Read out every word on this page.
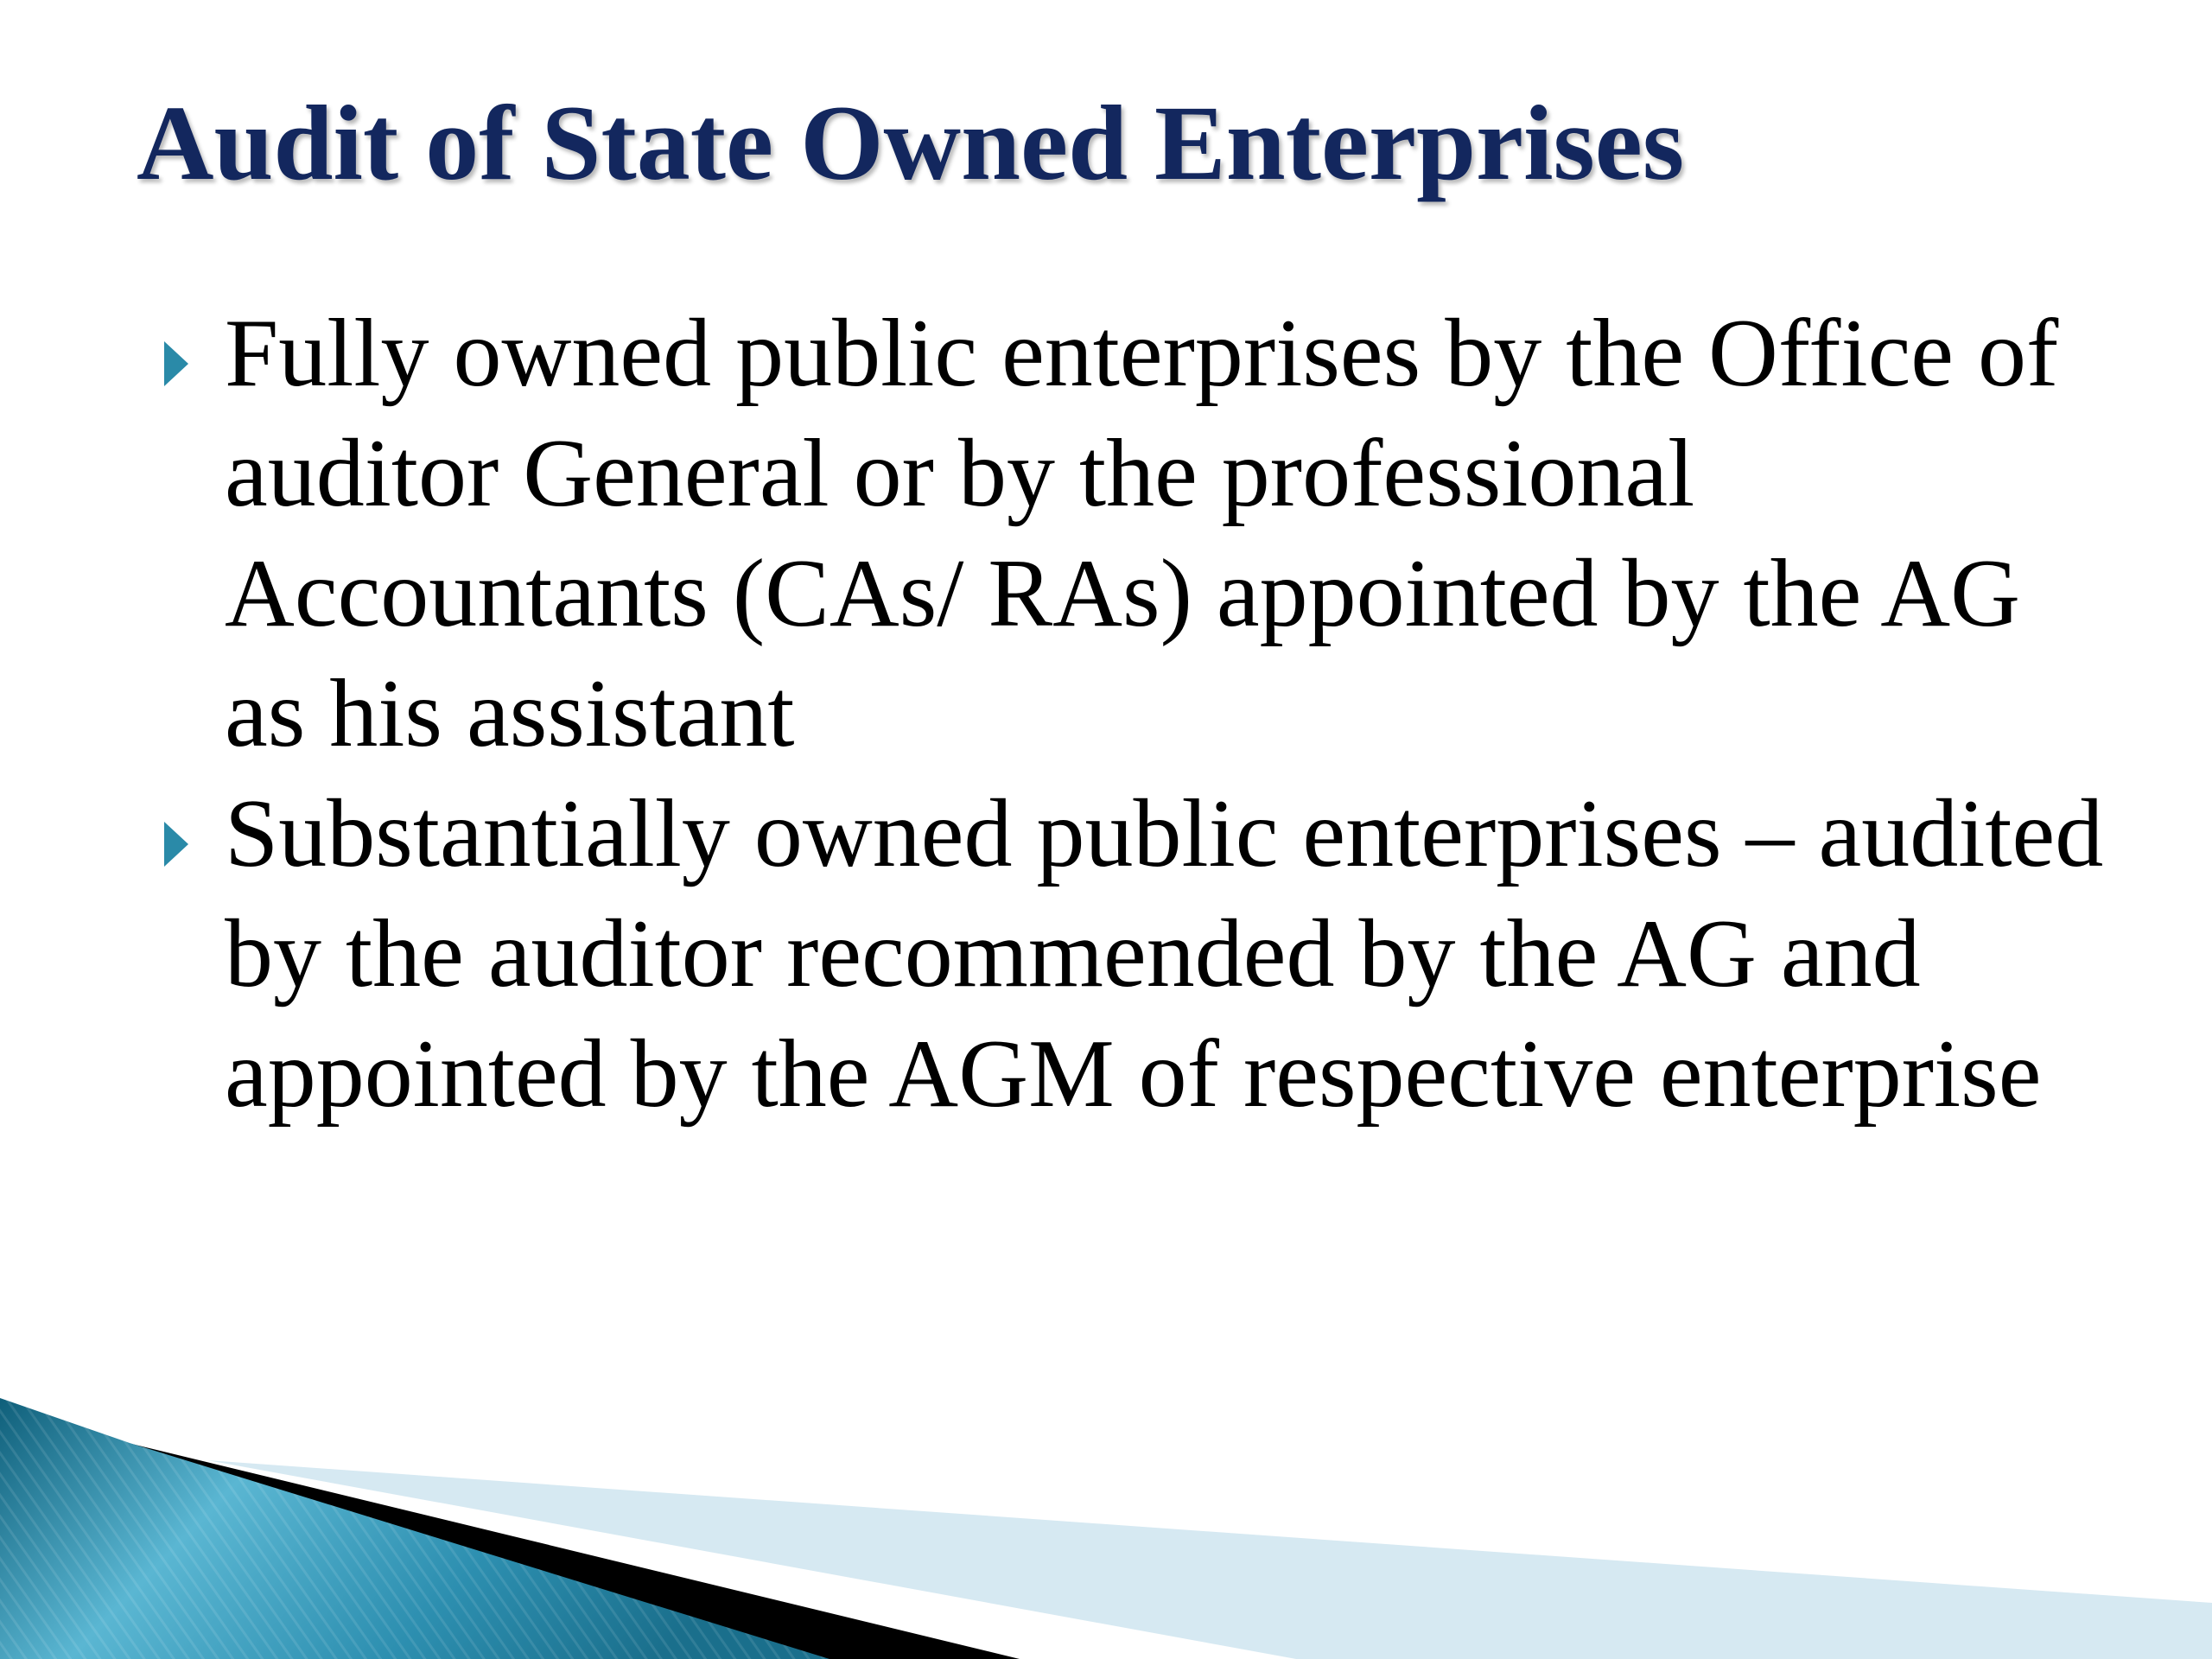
Audit of State Owned Enterprises
Fully owned public enterprises by the Office of auditor General or by the professional Accountants (CAs/ RAs) appointed by the AG as his assistant
Substantially owned public enterprises – audited by the auditor recommended by the AG and appointed by the AGM of respective enterprise
